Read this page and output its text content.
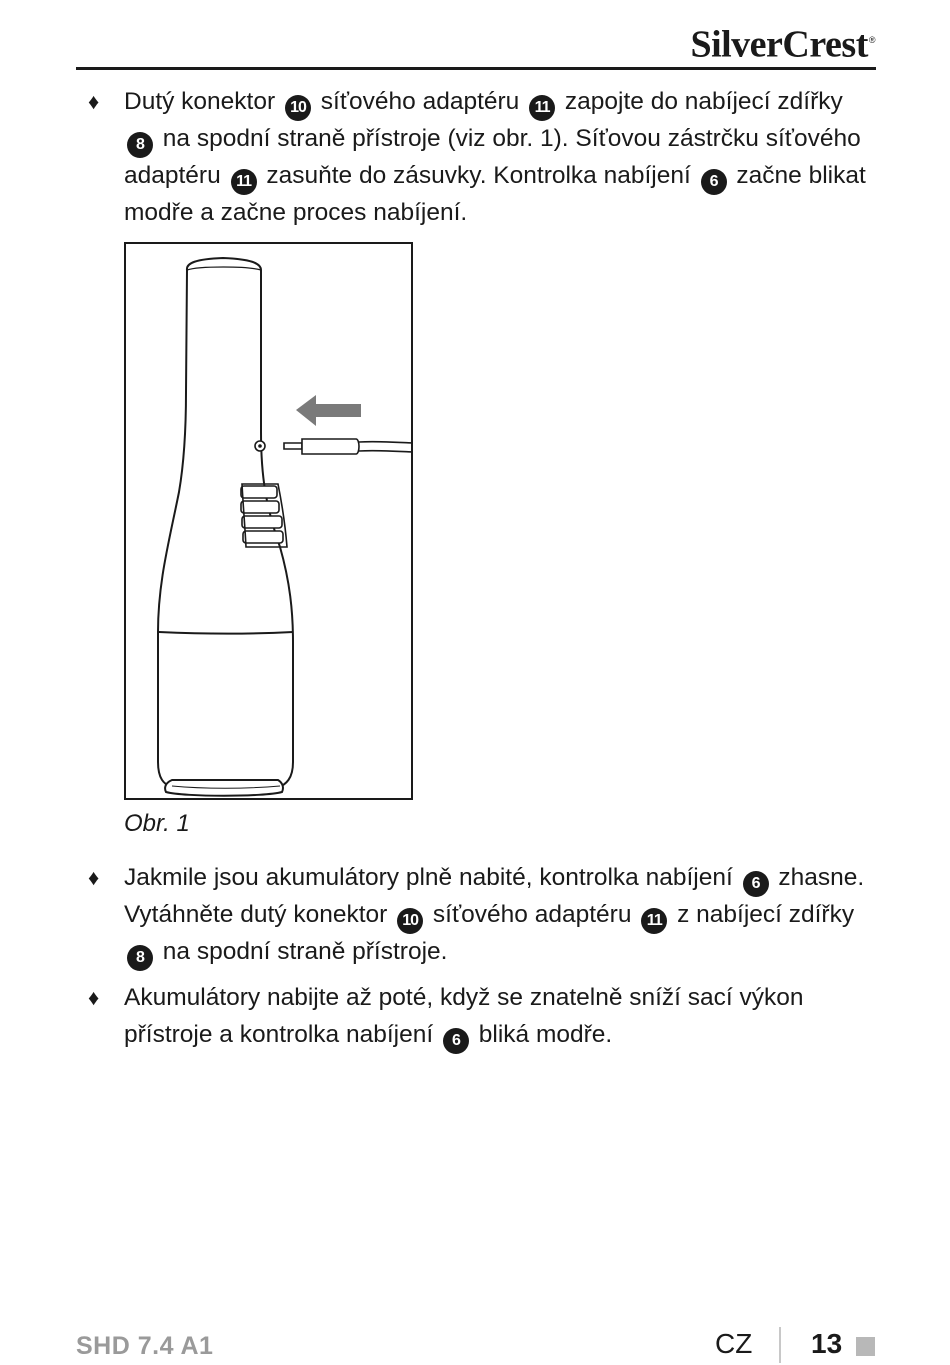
SilverCrest®
♦ Dutý konektor 10 síťového adaptéru 11 zapojte do nabíjecí zdířky 8 na spodní straně přístroje (viz obr. 1). Síťovou zástrčku síťového adaptéru 11 zasuňte do zásuvky. Kontrolka nabíjení 6 začne blikat modře a začne proces nabíjení.
Obr. 1
♦ Jakmile jsou akumulátory plně nabité, kontrolka nabíjení 6 zhasne. Vytáhněte dutý konektor 10 síťového adaptéru 11 z nabíjecí zdířky 8 na spodní straně přístroje.
♦ Akumulátory nabijte až poté, když se znatelně sníží sací výkon přístroje a kontrolka nabíjení 6 bliká modře.
SHD 7.4 A1	CZ 13
